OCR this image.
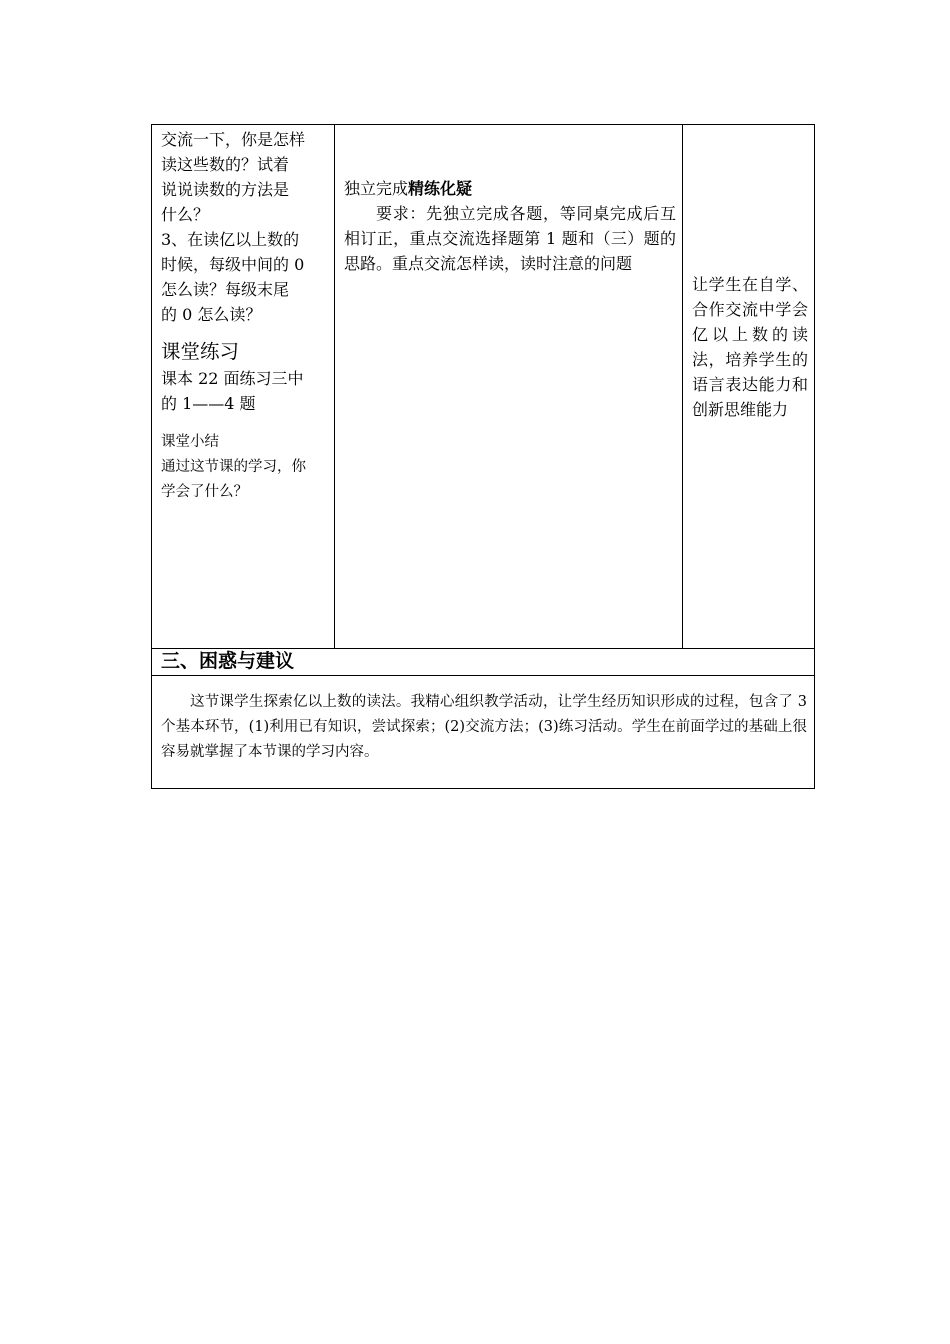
交流一下，你是怎样
读这些数的？试着
说说读数的方法是
什么？
3、在读亿以上数的
时候，每级中间的 0
怎么读？每级末尾
的 0 怎么读？
课堂练习
课本 22 面练习三中
的 1——4 题
课堂小结
通过这节课的学习，你
学会了什么？
独立完成精练化疑
要求：先独立完成各题，等同桌完成后互相订正，重点交流选择题第 1 题和（三）题的思路。重点交流怎样读，读时注意的问题
让学生在自学、合作交流中学会亿以上数的读法，培养学生的语言表达能力和创新思维能力
三、困惑与建议
这节课学生探索亿以上数的读法。我精心组织教学活动，让学生经历知识形成的过程，包含了 3 个基本环节，(1)利用已有知识，尝试探索；(2)交流方法；(3)练习活动。学生在前面学过的基础上很容易就掌握了本节课的学习内容。
